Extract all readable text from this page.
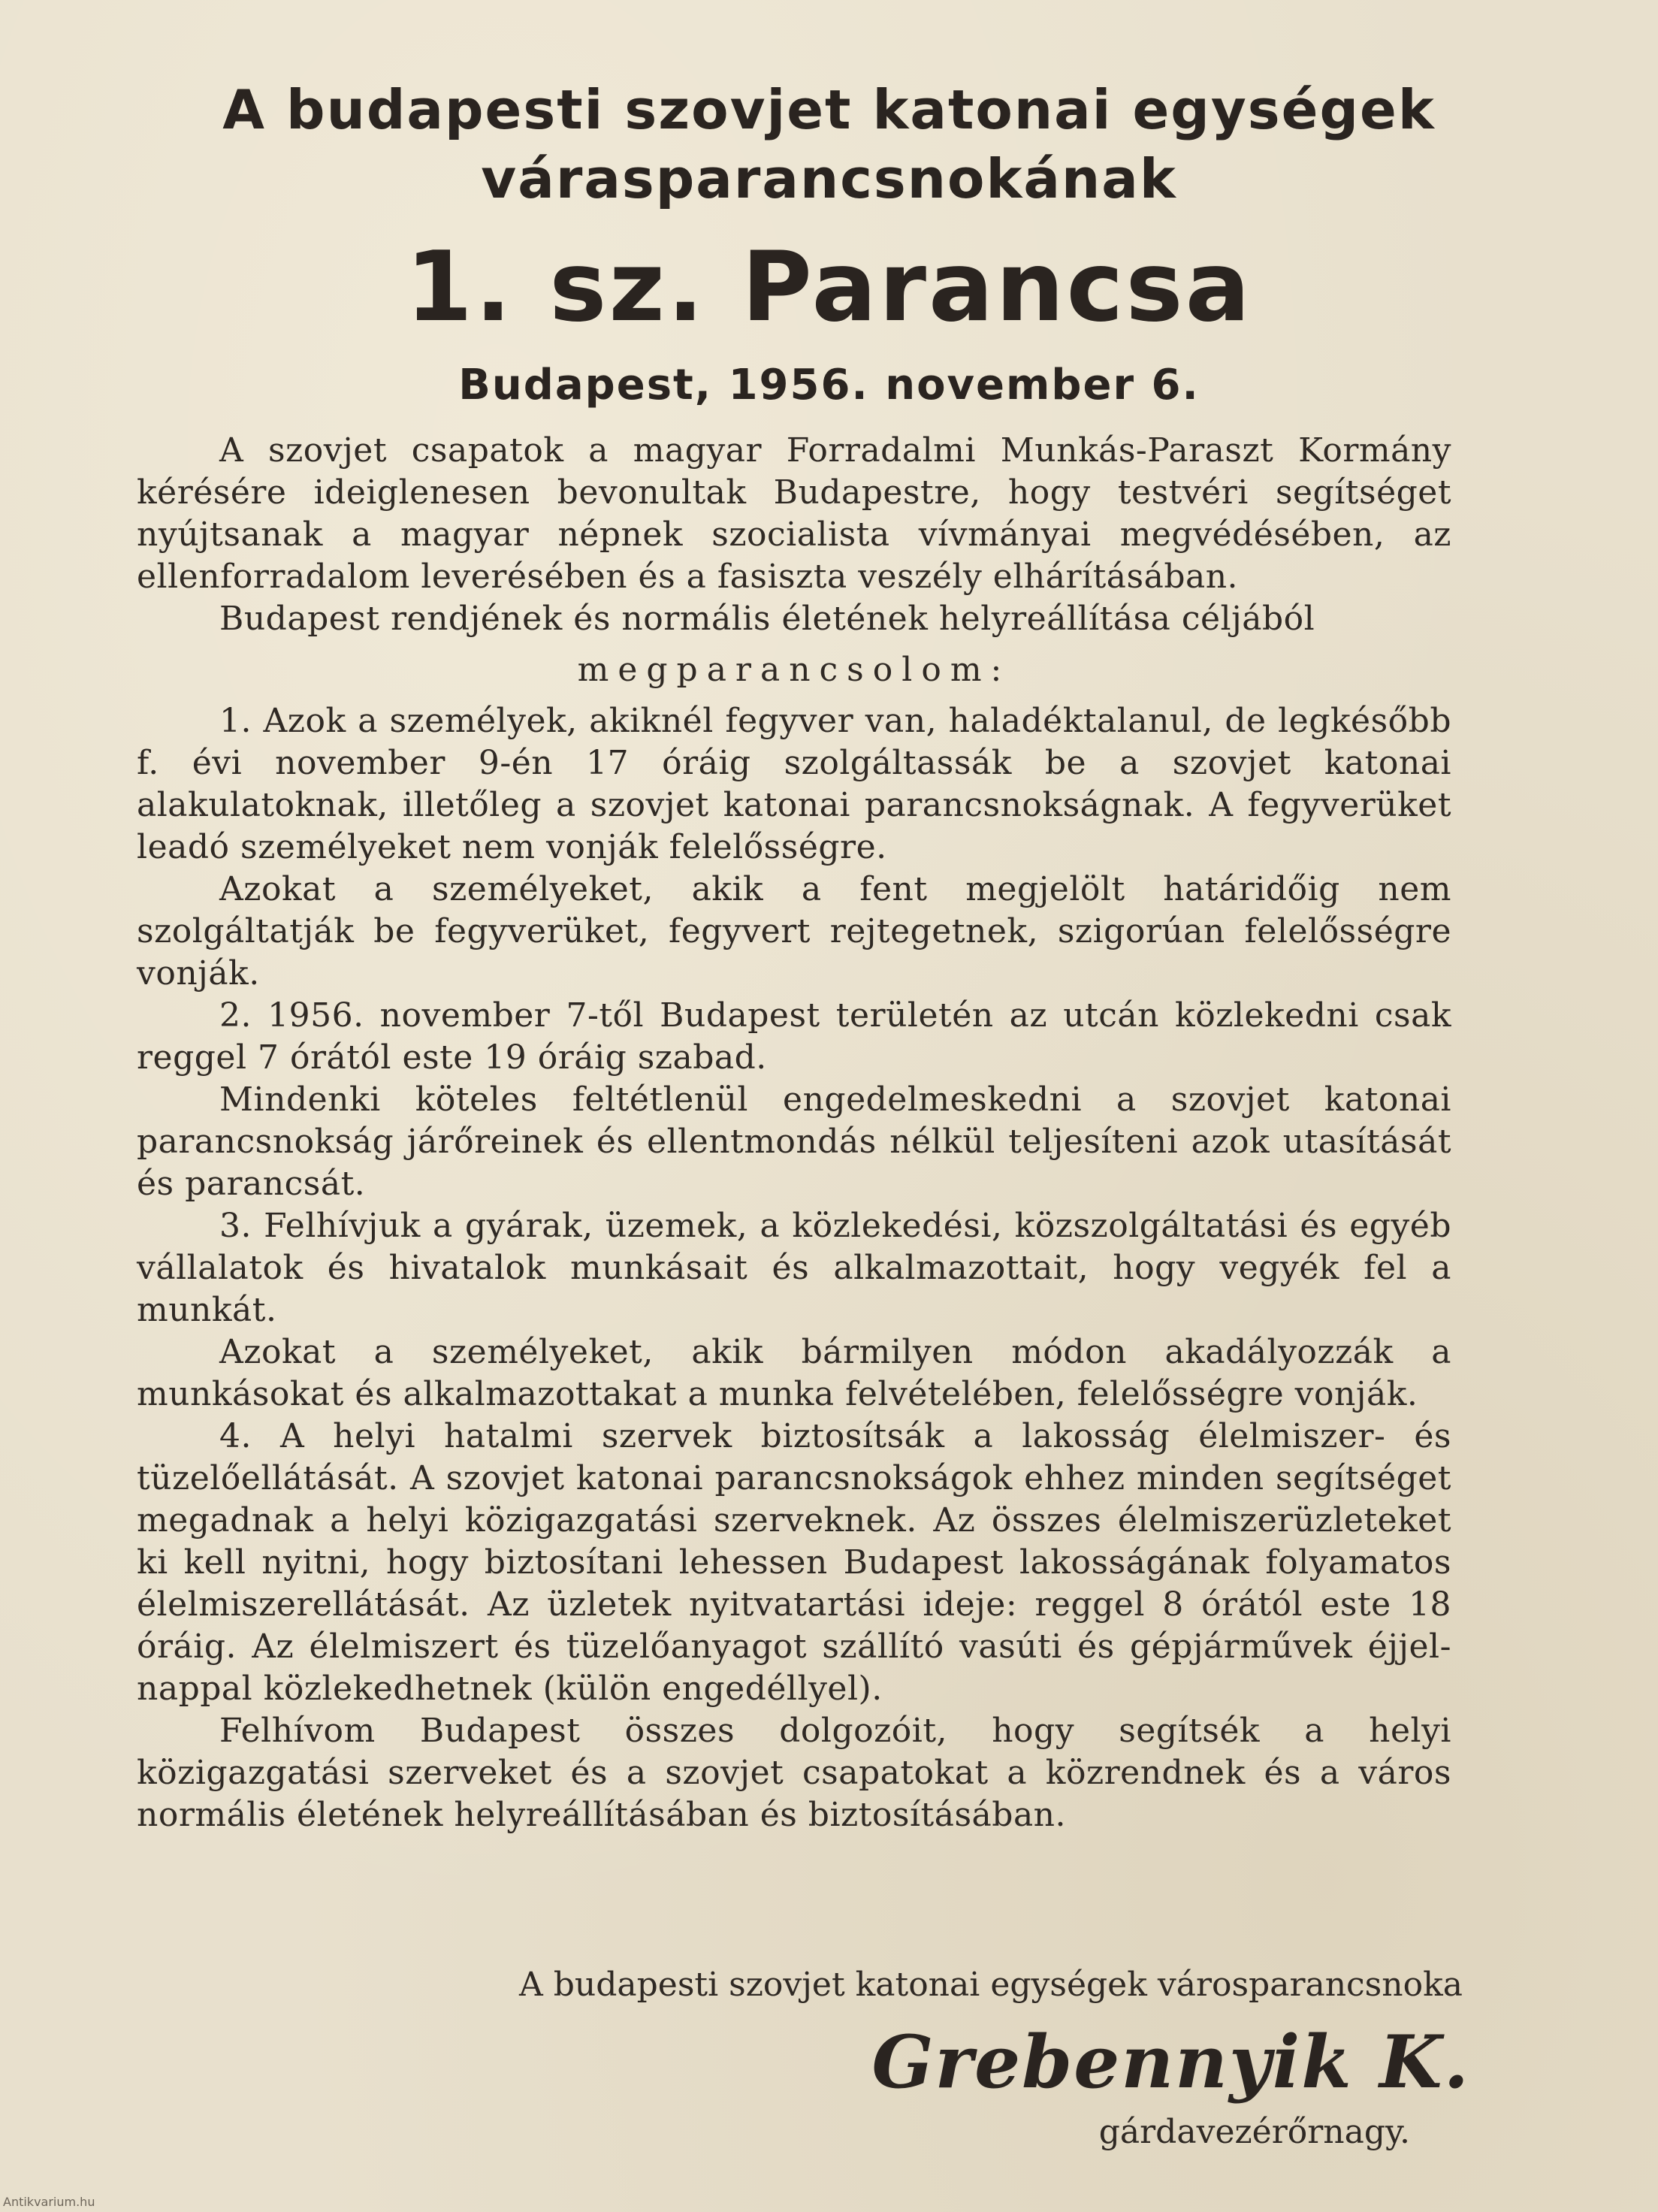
A budapesti szovjet katonai egységek
várasparancsnokának
1. sz. Parancsa
Budapest, 1956. november 6.

A szovjet csapatok a magyar Forradalmi Munkás-Paraszt Kormány kérésére ideiglenesen bevonultak Budapestre, hogy testvéri segítséget nyújtsanak a magyar népnek szocialista vívmányai megvédésében, az ellenforradalom leverésében és a fasiszta veszély elhárításában.

Budapest rendjének és normális életének helyreállítása céljából

megparancsolom:

1. Azok a személyek, akiknél fegyver van, haladéktalanul, de legkésőbb f. évi november 9-én 17 óráig szolgáltassák be a szovjet katonai alakulatoknak, illetőleg a szovjet katonai parancsnokságnak. A fegyverüket leadó személyeket nem vonják felelősségre.

Azokat a személyeket, akik a fent megjelölt határidőig nem szolgáltatják be fegyverüket, fegyvert rejtegetnek, szigorúan felelősségre vonják.

2. 1956. november 7-től Budapest területén az utcán közlekedni csak reggel 7 órától este 19 óráig szabad.

Mindenki köteles feltétlenül engedelmeskedni a szovjet katonai parancsnokság járőreinek és ellentmondás nélkül teljesíteni azok utasítását és parancsát.

3. Felhívjuk a gyárak, üzemek, a közlekedési, közszolgáltatási és egyéb vállalatok és hivatalok munkásait és alkalmazottait, hogy vegyék fel a munkát.

Azokat a személyeket, akik bármilyen módon akadályozzák a munkásokat és alkalmazottakat a munka felvételében, felelősségre vonják.

4. A helyi hatalmi szervek biztosítsák a lakosság élelmiszer- és tüzelőellátását. A szovjet katonai parancsnokságok ehhez minden segítséget megadnak a helyi közigazgatási szerveknek. Az összes élelmiszerüzleteket ki kell nyitni, hogy biztosítani lehessen Budapest lakosságának folyamatos élelmiszerellátását. Az üzletek nyitvatartási ideje: reggel 8 órától este 18 óráig. Az élelmiszert és tüzelőanyagot szállító vasúti és gépjárművek éjjel-nappal közlekedhetnek (külön engedéllyel).

Felhívom Budapest összes dolgozóit, hogy segítsék a helyi közigazgatási szerveket és a szovjet csapatokat a közrendnek és a város normális életének helyreállításában és biztosításában.

A budapesti szovjet katonai egységek városparancsnoka
Grebennyik K.
gárdavezérőrnagy.
Antikvarium.hu
